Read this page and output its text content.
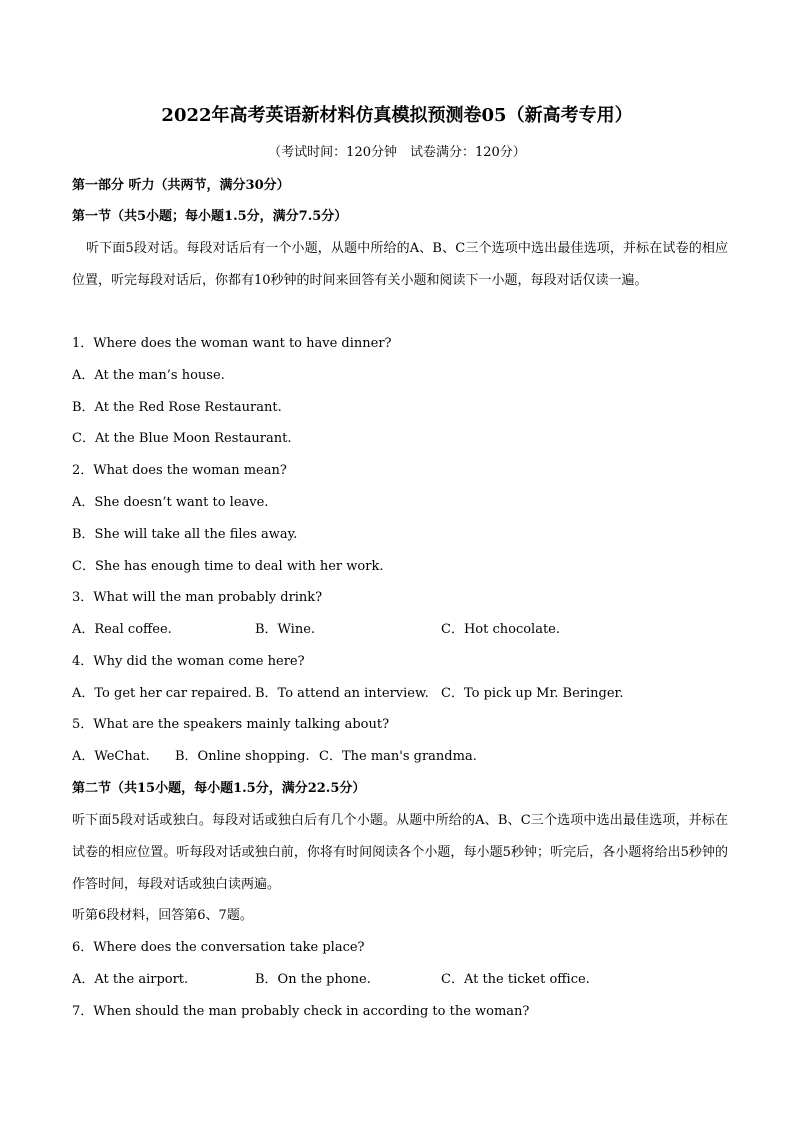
2022年高考英语新材料仿真模拟预测卷05（新高考专用）
（考试时间：120分钟　试卷满分：120分）
第一部分 听力（共两节，满分30分）
第一节（共5小题；每小题1.5分，满分7.5分）
听下面5段对话。每段对话后有一个小题，从题中所给的A、B、C三个选项中选出最佳选项，并标在试卷的相应位置，听完每段对话后，你都有10秒钟的时间来回答有关小题和阅读下一小题，每段对话仅读一遍。
1．Where does the woman want to have dinner?
A．At the man’s house.
B．At the Red Rose Restaurant.
C．At the Blue Moon Restaurant.
2．What does the woman mean?
A．She doesn’t want to leave.
B．She will take all the files away.
C．She has enough time to deal with her work.
3．What will the man probably drink?
A．Real coffee.	B．Wine.	C．Hot chocolate.
4．Why did the woman come here?
A．To get her car repaired. B．To attend an interview. C．To pick up Mr. Beringer.
5．What are the speakers mainly talking about?
A．WeChat. B．Online shopping. C．The man's grandma.
第二节（共15小题，每小题1.5分，满分22.5分）
听下面5段对话或独白。每段对话或独白后有几个小题。从题中所给的A、B、C三个选项中选出最佳选项，并标在试卷的相应位置。听每段对话或独白前，你将有时间阅读各个小题，每小题5秒钟；听完后，各小题将给出5秒钟的作答时间，每段对话或独白读两遍。
听第6段材料，回答第6、7题。
6．Where does the conversation take place?
A．At the airport.	B．On the phone.	C．At the ticket office.
7．When should the man probably check in according to the woman?
